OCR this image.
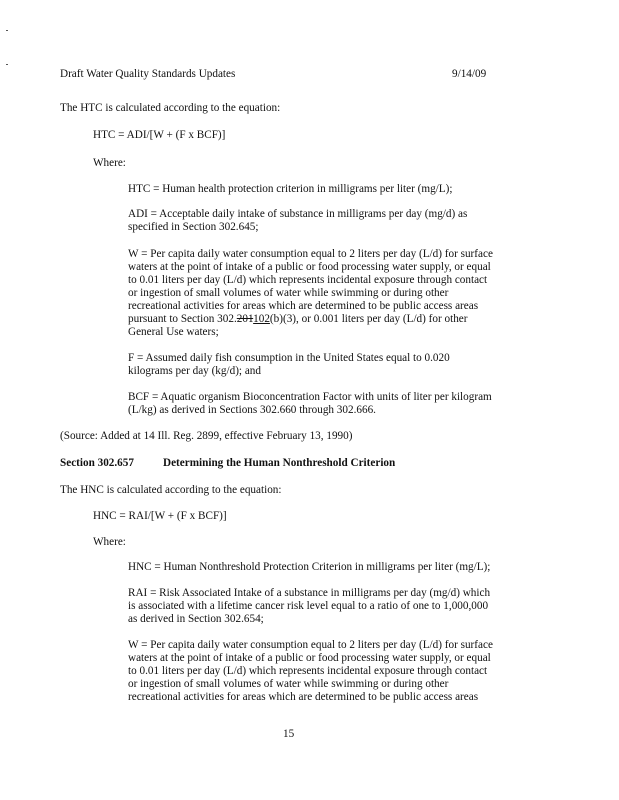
Draft Water Quality Standards Updates	9/14/09
The HTC is calculated according to the equation:
HTC = ADI/[W + (F x BCF)]
Where:
HTC = Human health protection criterion in milligrams per liter (mg/L);
ADI = Acceptable daily intake of substance in milligrams per day (mg/d) as
specified in Section 302.645;
W = Per capita daily water consumption equal to 2 liters per day (L/d) for surface
waters at the point of intake of a public or food processing water supply, or equal
to 0.01 liters per day (L/d) which represents incidental exposure through contact
or ingestion of small volumes of water while swimming or during other
recreational activities for areas which are determined to be public access areas
pursuant to Section 302.201102(b)(3), or 0.001 liters per day (L/d) for other
General Use waters;
F = Assumed daily fish consumption in the United States equal to 0.020
kilograms per day (kg/d); and
BCF = Aquatic organism Bioconcentration Factor with units of liter per kilogram
(L/kg) as derived in Sections 302.660 through 302.666.
(Source: Added at 14 Ill. Reg. 2899, effective February 13, 1990)
Section 302.657	Determining the Human Nonthreshold Criterion
The HNC is calculated according to the equation:
HNC = RAI/[W + (F x BCF)]
Where:
HNC = Human Nonthreshold Protection Criterion in milligrams per liter (mg/L);
RAI = Risk Associated Intake of a substance in milligrams per day (mg/d) which
is associated with a lifetime cancer risk level equal to a ratio of one to 1,000,000
as derived in Section 302.654;
W = Per capita daily water consumption equal to 2 liters per day (L/d) for surface
waters at the point of intake of a public or food processing water supply, or equal
to 0.01 liters per day (L/d) which represents incidental exposure through contact
or ingestion of small volumes of water while swimming or during other
recreational activities for areas which are determined to be public access areas
15
